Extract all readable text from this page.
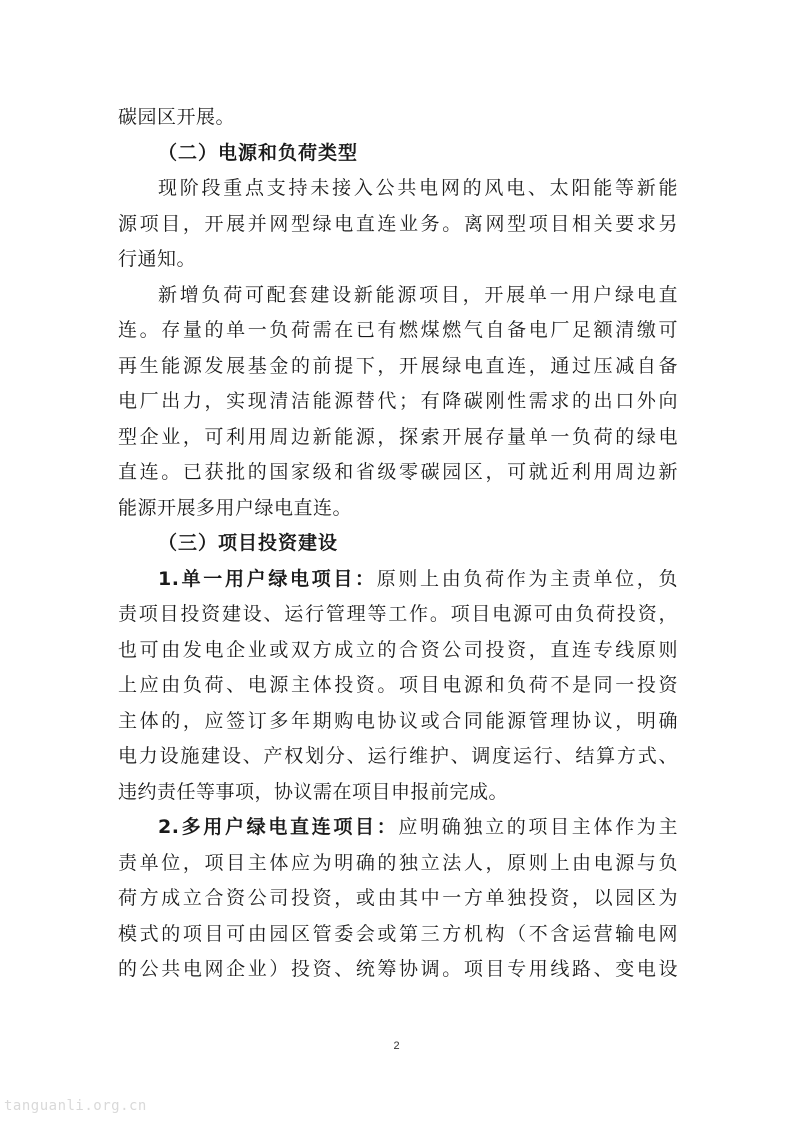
碳园区开展。
（二）电源和负荷类型
现阶段重点支持未接入公共电网的风电、太阳能等新能
源项目，开展并网型绿电直连业务。离网型项目相关要求另
行通知。
新增负荷可配套建设新能源项目，开展单一用户绿电直
连。存量的单一负荷需在已有燃煤燃气自备电厂足额清缴可
再生能源发展基金的前提下，开展绿电直连，通过压减自备
电厂出力，实现清洁能源替代；有降碳刚性需求的出口外向
型企业，可利用周边新能源，探索开展存量单一负荷的绿电
直连。已获批的国家级和省级零碳园区，可就近利用周边新
能源开展多用户绿电直连。
（三）项目投资建设
1.单一用户绿电项目：原则上由负荷作为主责单位，负
责项目投资建设、运行管理等工作。项目电源可由负荷投资，
也可由发电企业或双方成立的合资公司投资，直连专线原则
上应由负荷、电源主体投资。项目电源和负荷不是同一投资
主体的，应签订多年期购电协议或合同能源管理协议，明确
电力设施建设、产权划分、运行维护、调度运行、结算方式、
违约责任等事项，协议需在项目申报前完成。
2.多用户绿电直连项目：应明确独立的项目主体作为主
责单位，项目主体应为明确的独立法人，原则上由电源与负
荷方成立合资公司投资，或由其中一方单独投资，以园区为
模式的项目可由园区管委会或第三方机构（不含运营输电网
的公共电网企业）投资、统筹协调。项目专用线路、变电设
2
tanguanli.org.cn
